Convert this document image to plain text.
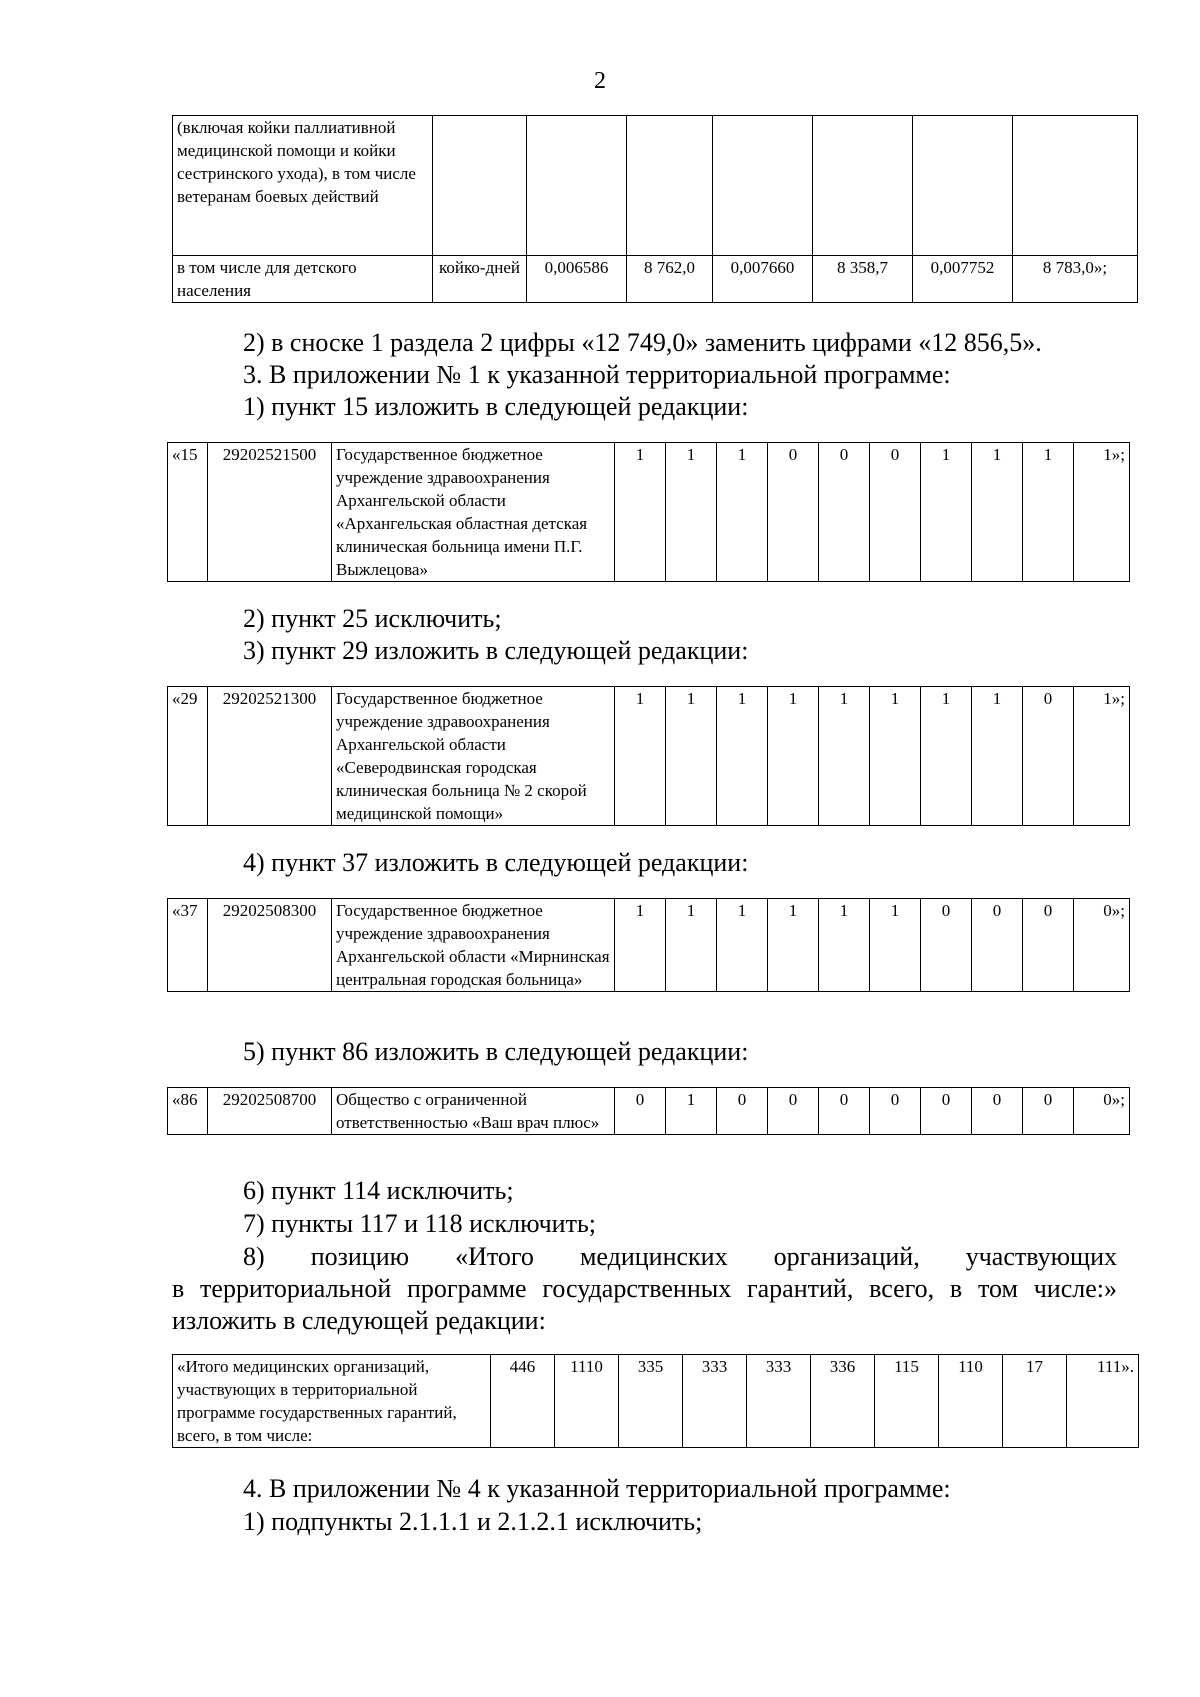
2
(включая койки паллиативной медицинской помощи и койки сестринского ухода), в том числе ветеранам боевых действий							
в том числе для детского населения	койко-дней	0,006586	8 762,0	0,007660	8 358,7	0,007752	8 783,0»;
2) в сноске 1 раздела 2 цифры «12 749,0» заменить цифрами «12 856,5».
3. В приложении № 1 к указанной территориальной программе:
1) пункт 15 изложить в следующей редакции:
«15	29202521500	Государственное бюджетное учреждение здравоохранения Архангельской области «Архангельская областная детская клиническая больница имени П.Г. Выжлецова»	1	1	1	0	0	0	1	1	1	1»;
2) пункт 25 исключить;
3) пункт 29 изложить в следующей редакции:
«29	29202521300	Государственное бюджетное учреждение здравоохранения Архангельской области «Северодвинская городская клиническая больница № 2 скорой медицинской помощи»	1	1	1	1	1	1	1	1	0	1»;
4) пункт 37 изложить в следующей редакции:
«37	29202508300	Государственное бюджетное учреждение здравоохранения Архангельской области «Мирнинская центральная городская больница»	1	1	1	1	1	1	0	0	0	0»;
5) пункт 86 изложить в следующей редакции:
«86	29202508700	Общество с ограниченной ответственностью «Ваш врач плюс»	0	1	0	0	0	0	0	0	0	0»;
6) пункт 114 исключить;
7) пункты 117 и 118 исключить;
8) позицию «Итого медицинских организаций, участвующих
в территориальной программе государственных гарантий, всего, в том числе:»
изложить в следующей редакции:
«Итого медицинских организаций, участвующих в территориальной программе государственных гарантий, всего, в том числе:	446	1110	335	333	333	336	115	110	17	111».
4. В приложении № 4 к указанной территориальной программе:
1) подпункты 2.1.1.1 и 2.1.2.1 исключить;
